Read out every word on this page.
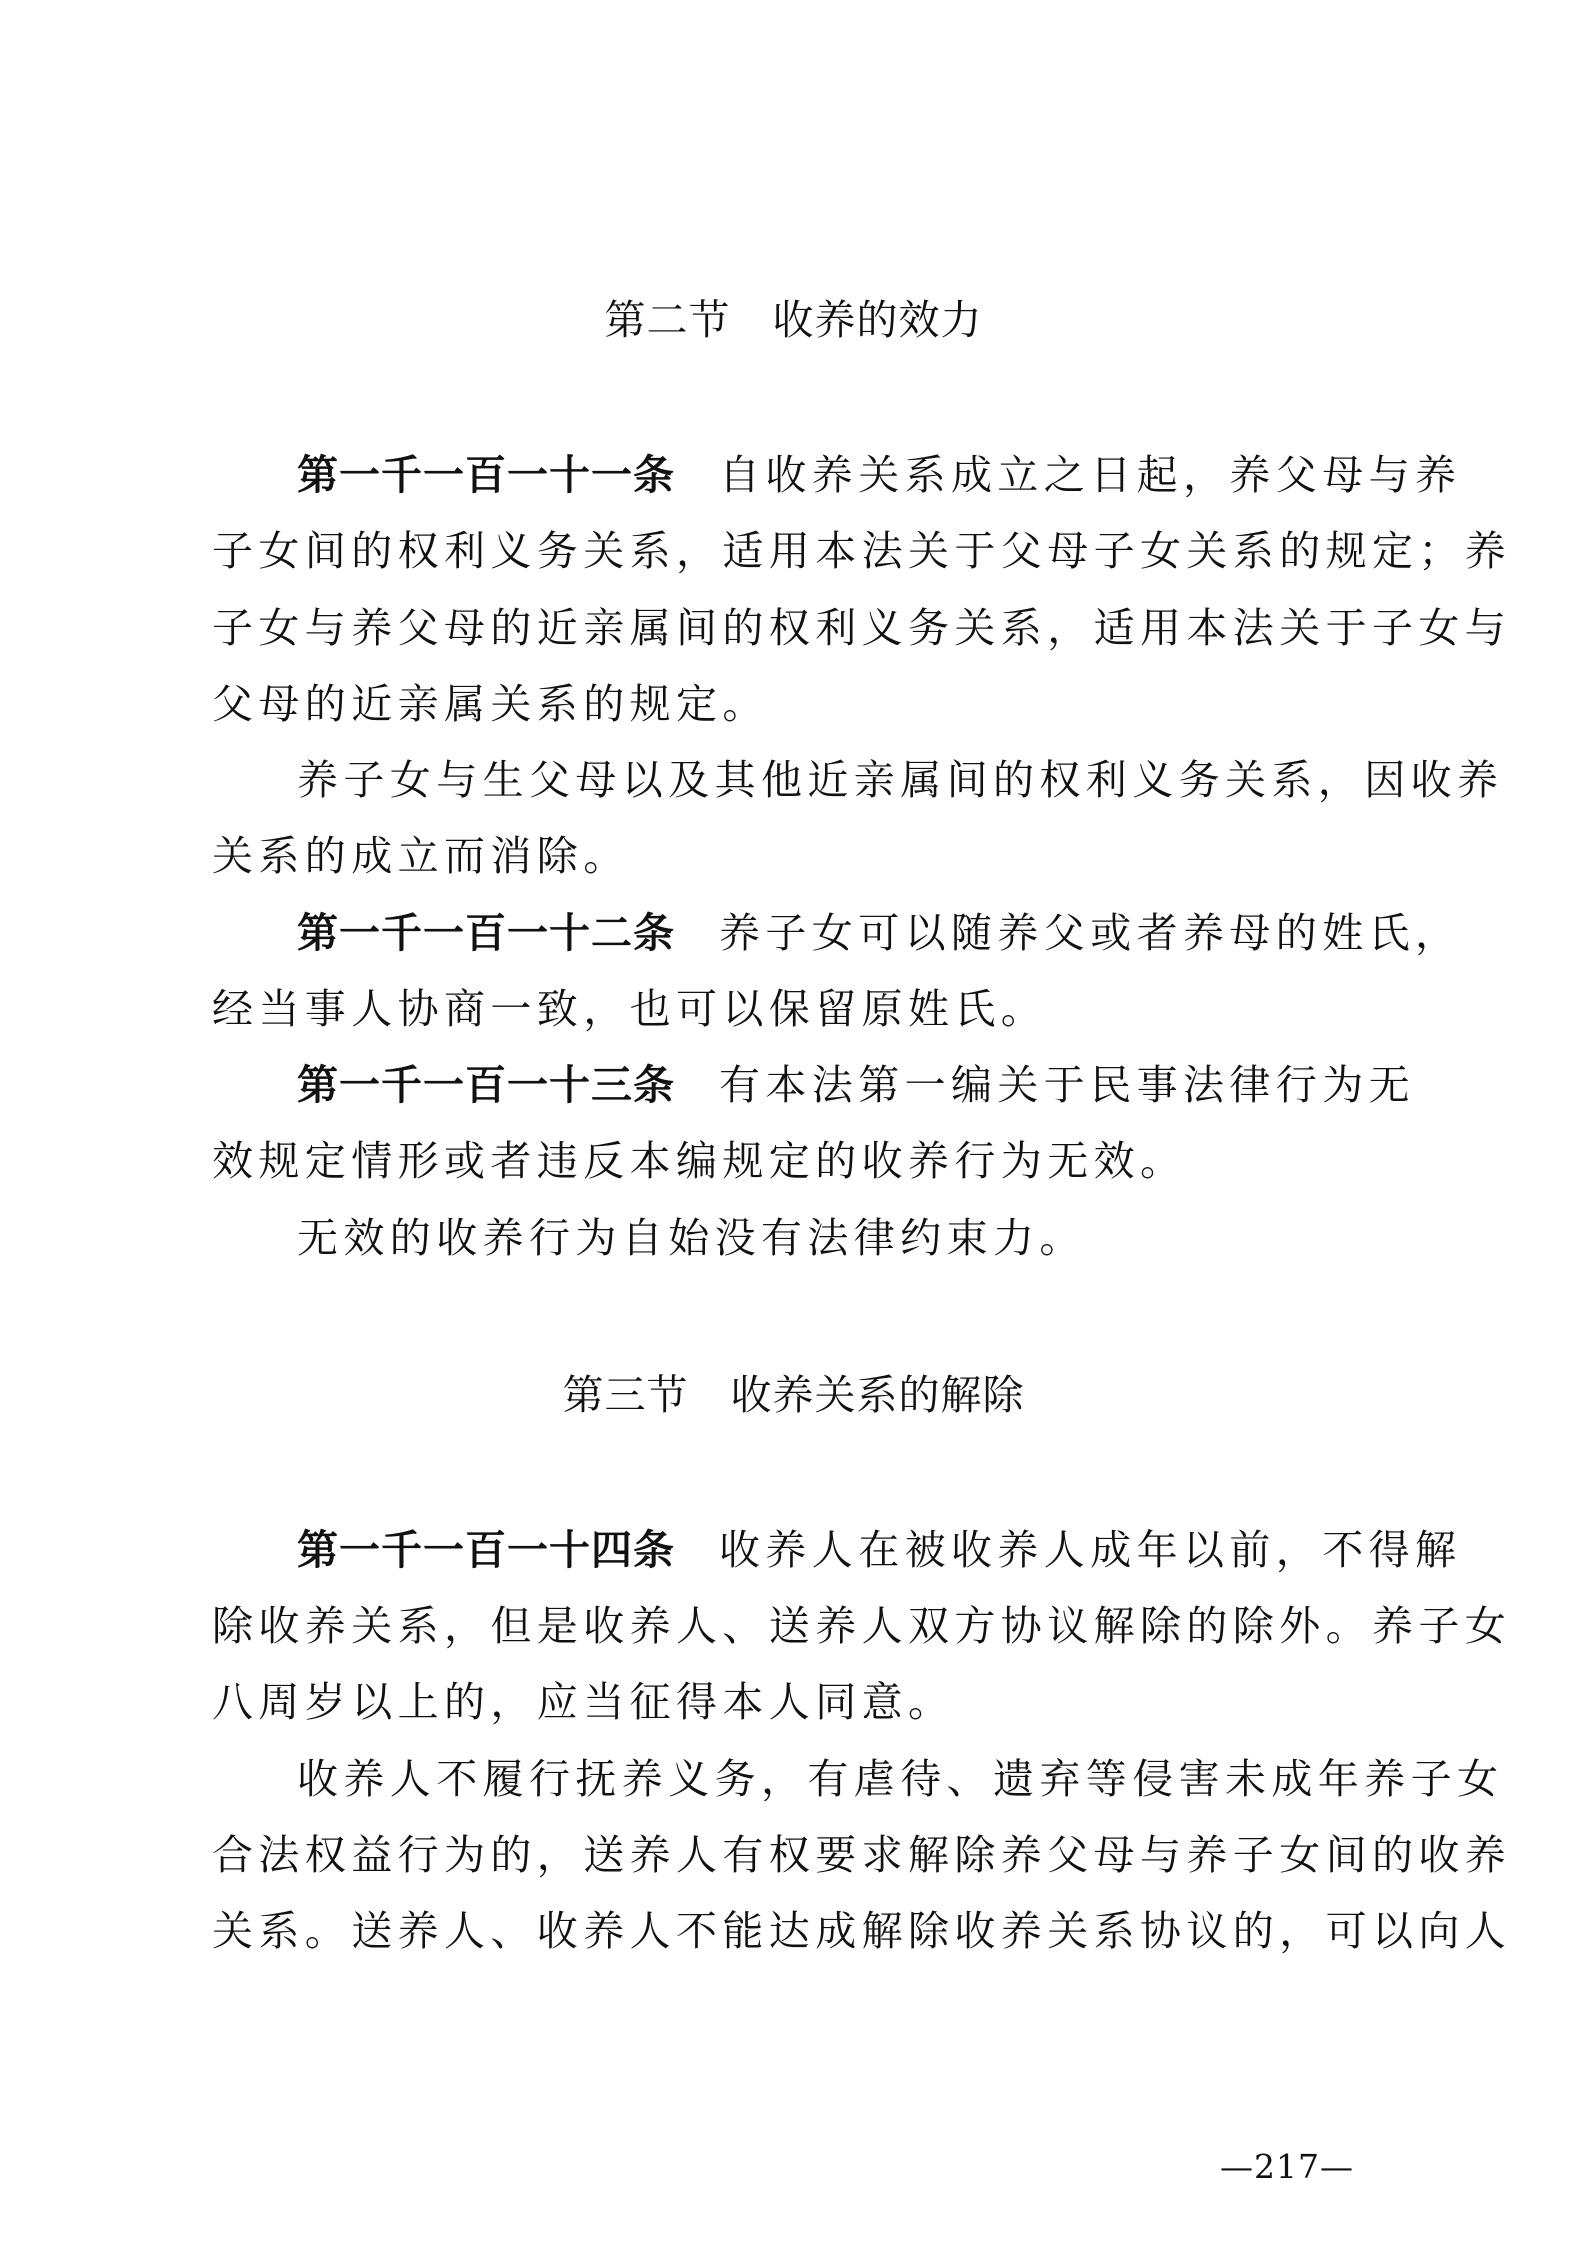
第二节　收养的效力
第一千一百一十一条 自收养关系成立之日起，养父母与养
子女间的权利义务关系，适用本法关于父母子女关系的规定；养
子女与养父母的近亲属间的权利义务关系，适用本法关于子女与
父母的近亲属关系的规定。
养子女与生父母以及其他近亲属间的权利义务关系，因收养
关系的成立而消除。
第一千一百一十二条 养子女可以随养父或者养母的姓氏，
经当事人协商一致，也可以保留原姓氏。
第一千一百一十三条 有本法第一编关于民事法律行为无
效规定情形或者违反本编规定的收养行为无效。
无效的收养行为自始没有法律约束力。
第三节　收养关系的解除
第一千一百一十四条 收养人在被收养人成年以前，不得解
除收养关系，但是收养人、送养人双方协议解除的除外。养子女
八周岁以上的，应当征得本人同意。
收养人不履行抚养义务，有虐待、遗弃等侵害未成年养子女
合法权益行为的，送养人有权要求解除养父母与养子女间的收养
关系。送养人、收养人不能达成解除收养关系协议的，可以向人
—217—
